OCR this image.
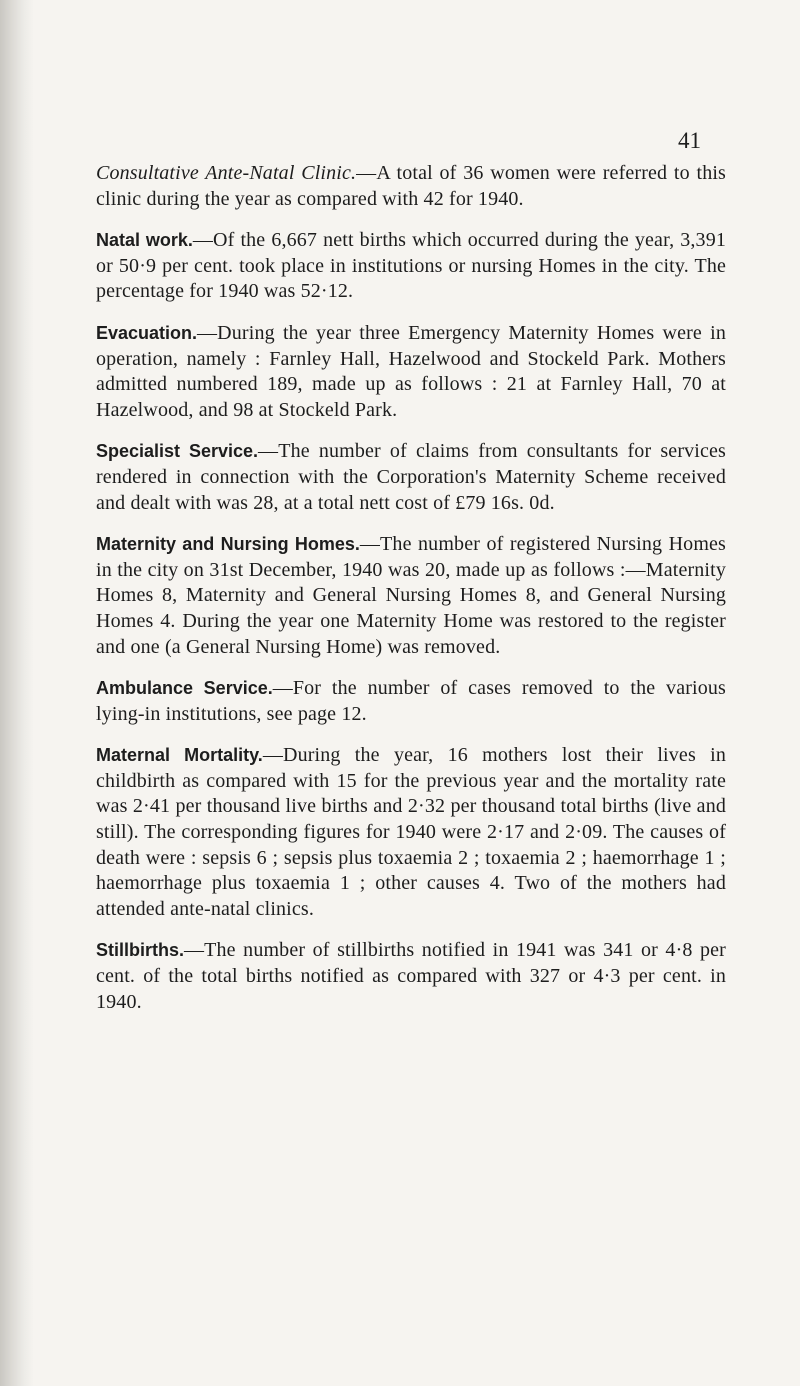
41

Consultative Ante-Natal Clinic.—A total of 36 women were referred to this clinic during the year as compared with 42 for 1940.

Natal work.—Of the 6,667 nett births which occurred during the year, 3,391 or 50·9 per cent. took place in institutions or nursing Homes in the city. The percentage for 1940 was 52·12.

Evacuation.—During the year three Emergency Maternity Homes were in operation, namely : Farnley Hall, Hazelwood and Stockeld Park. Mothers admitted numbered 189, made up as follows : 21 at Farnley Hall, 70 at Hazelwood, and 98 at Stockeld Park.

Specialist Service.—The number of claims from consultants for services rendered in connection with the Corporation's Maternity Scheme received and dealt with was 28, at a total nett cost of £79 16s. 0d.

Maternity and Nursing Homes.—The number of registered Nursing Homes in the city on 31st December, 1940 was 20, made up as follows :—Maternity Homes 8, Maternity and General Nursing Homes 8, and General Nursing Homes 4. During the year one Maternity Home was restored to the register and one (a General Nursing Home) was removed.

Ambulance Service.—For the number of cases removed to the various lying-in institutions, see page 12.

Maternal Mortality.—During the year, 16 mothers lost their lives in childbirth as compared with 15 for the previous year and the mortality rate was 2·41 per thousand live births and 2·32 per thousand total births (live and still). The corresponding figures for 1940 were 2·17 and 2·09. The causes of death were : sepsis 6 ; sepsis plus toxaemia 2 ; toxaemia 2 ; haemorrhage 1 ; haemorrhage plus toxaemia 1 ; other causes 4. Two of the mothers had attended ante-natal clinics.

Stillbirths.—The number of stillbirths notified in 1941 was 341 or 4·8 per cent. of the total births notified as compared with 327 or 4·3 per cent. in 1940.
